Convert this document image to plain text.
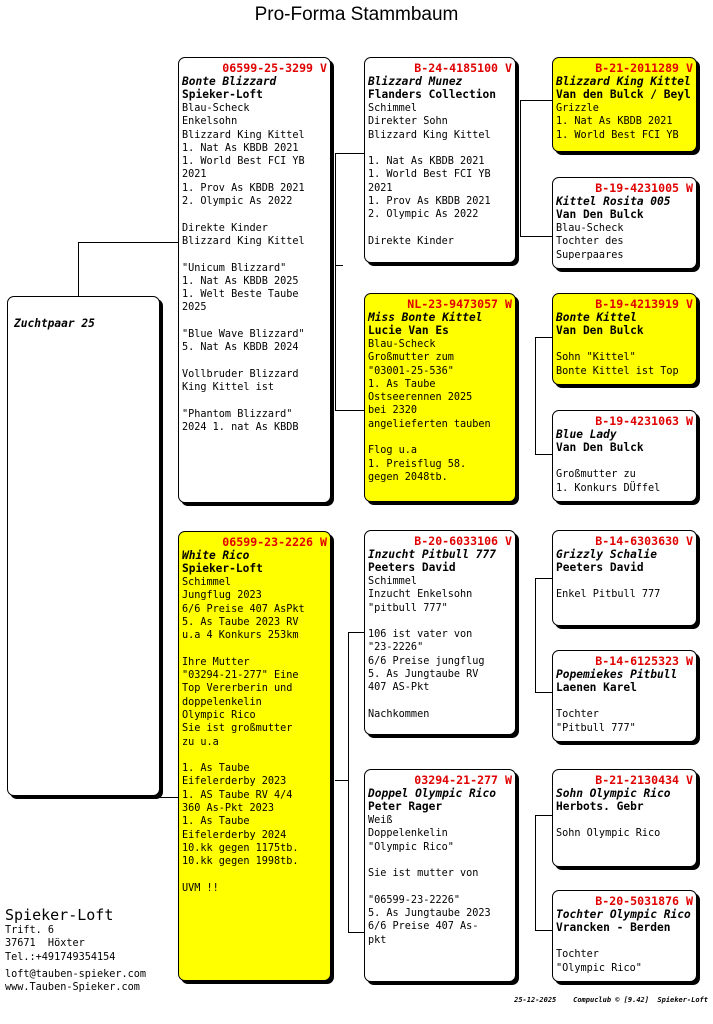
Pro-Forma Stammbaum
Zuchtpaar 25
06599-25-3299 V
Bonte Blizzard
Spieker-Loft
Blau-Scheck
Enkelsohn
Blizzard King Kittel
1. Nat As KBDB 2021
1. World Best FCI YB
2021
1. Prov As KBDB 2021
2. Olympic As 2022
Direkte Kinder
Blizzard King Kittel
"Unicum Blizzard"
1. Nat As KBDB 2025
1. Welt Beste Taube
2025
"Blue Wave Blizzard"
5. Nat As KBDB 2024
Vollbruder Blizzard
King Kittel ist
"Phantom Blizzard"
2024 1. nat As KBDB
06599-23-2226 W
White Rico
Spieker-Loft
Schimmel
Jungflug 2023
6/6 Preise 407 AsPkt
5. As Taube 2023 RV
u.a 4 Konkurs 253km
Ihre Mutter
"03294-21-277" Eine
Top Vererberin und
doppelenkelin
Olympic Rico
Sie ist großmutter
zu u.a
1. As Taube
Eifelerderby 2023
1. AS Taube RV 4/4
360 As-Pkt 2023
1. As Taube
Eifelerderby 2024
10.kk gegen 1175tb.
10.kk gegen 1998tb.
UVM !!
B-24-4185100 V
Blizzard Munez
Flanders Collection
Schimmel
Direkter Sohn
Blizzard King Kittel
1. Nat As KBDB 2021
1. World Best FCI YB
2021
1. Prov As KBDB 2021
2. Olympic As 2022
Direkte Kinder
NL-23-9473057 W
Miss Bonte Kittel
Lucie Van Es
Blau-Scheck
Großmutter zum
"03001-25-536"
1. As Taube
Ostseerennen 2025
bei 2320
angelieferten tauben
Flog u.a
1. Preisflug 58.
gegen 2048tb.
B-20-6033106 V
Inzucht Pitbull 777
Peeters David
Schimmel
Inzucht Enkelsohn
"pitbull 777"
106 ist vater von
"23-2226"
6/6 Preise jungflug
5. As Jungtaube RV
407 AS-Pkt
Nachkommen
03294-21-277 W
Doppel Olympic Rico
Peter Rager
Weiß
Doppelenkelin
"Olympic Rico"
Sie ist mutter von
"06599-23-2226"
5. As Jungtaube 2023
6/6 Preise 407 As-
pkt
B-21-2011289 V
Blizzard King Kittel
Van den Bulck / Beyl
Grizzle
1. Nat As KBDB 2021
1. World Best FCI YB
B-19-4231005 W
Kittel Rosita 005
Van Den Bulck
Blau-Scheck
Tochter des
Superpaares
B-19-4213919 V
Bonte Kittel
Van Den Bulck
Sohn "Kittel"
Bonte Kittel ist Top
B-19-4231063 W
Blue Lady
Van Den Bulck
Großmutter zu
1. Konkurs DÜffel
B-14-6303630 V
Grizzly Schalie
Peeters David
Enkel Pitbull 777
B-14-6125323 W
Popemiekes Pitbull
Laenen Karel
Tochter
"Pitbull 777"
B-21-2130434 V
Sohn Olympic Rico
Herbots. Gebr
Sohn Olympic Rico
B-20-5031876 W
Tochter Olympic Rico
Vrancken - Berden
Tochter
"Olympic Rico"
Spieker-Loft
Trift. 6
37671  Höxter
Tel.:+491749354154
loft@tauben-spieker.com
www.Tauben-Spieker.com
25-12-2025    Compuclub © [9.42]  Spieker-Loft
